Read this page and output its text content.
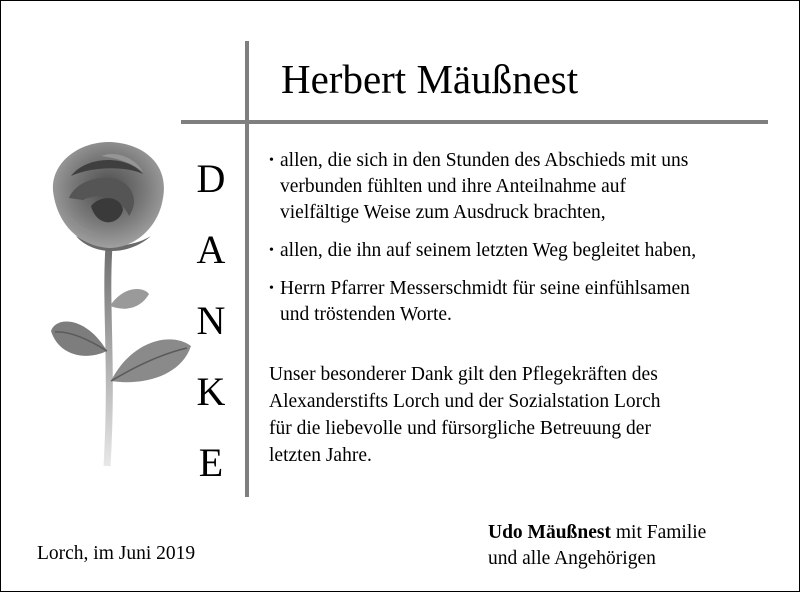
Herbert Mäußnest
D
A
N
K
E
• allen, die sich in den Stunden des Abschieds mit uns
verbunden fühlten und ihre Anteilnahme auf
vielfältige Weise zum Ausdruck brachten,
• allen, die ihn auf seinem letzten Weg begleitet haben,
• Herrn Pfarrer Messerschmidt für seine einfühlsamen
und tröstenden Worte.
Unser besonderer Dank gilt den Pflegekräften des
Alexanderstifts Lorch und der Sozialstation Lorch
für die liebevolle und fürsorgliche Betreuung der
letzten Jahre.
Lorch, im Juni 2019
Udo Mäußnest mit Familie
und alle Angehörigen
